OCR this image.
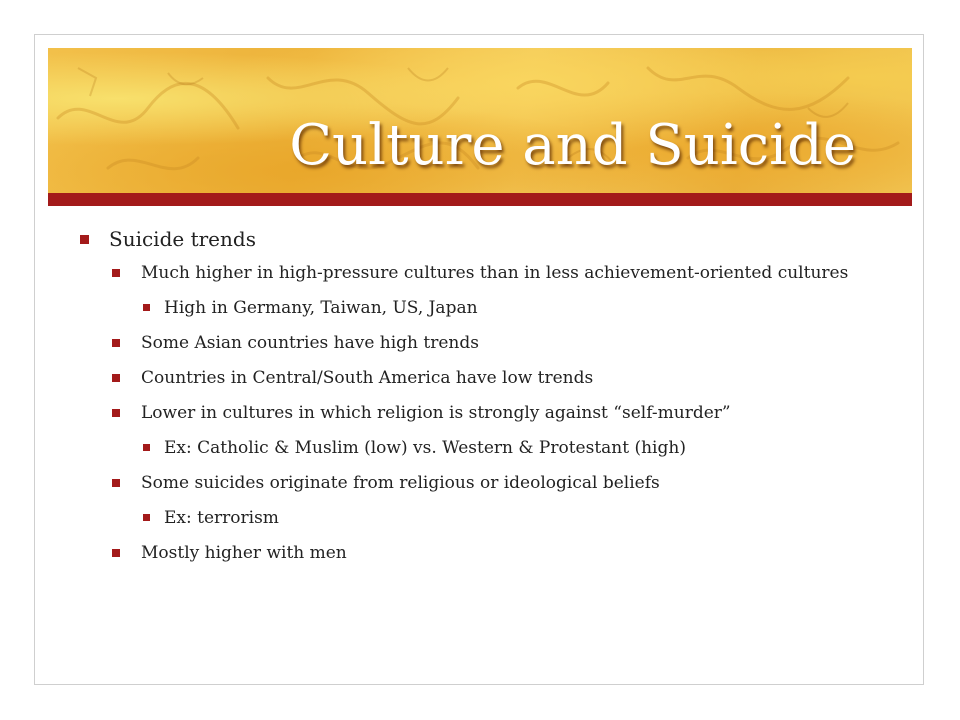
Culture and Suicide
Suicide trends
Much higher in high-pressure cultures than in less achievement-oriented cultures
High in Germany, Taiwan, US, Japan
Some Asian countries have high trends
Countries in Central/South America have low trends
Lower in cultures in which religion is strongly against “self-murder”
Ex: Catholic & Muslim (low) vs. Western & Protestant (high)
Some suicides originate from religious or ideological beliefs
Ex: terrorism
Mostly higher with men
